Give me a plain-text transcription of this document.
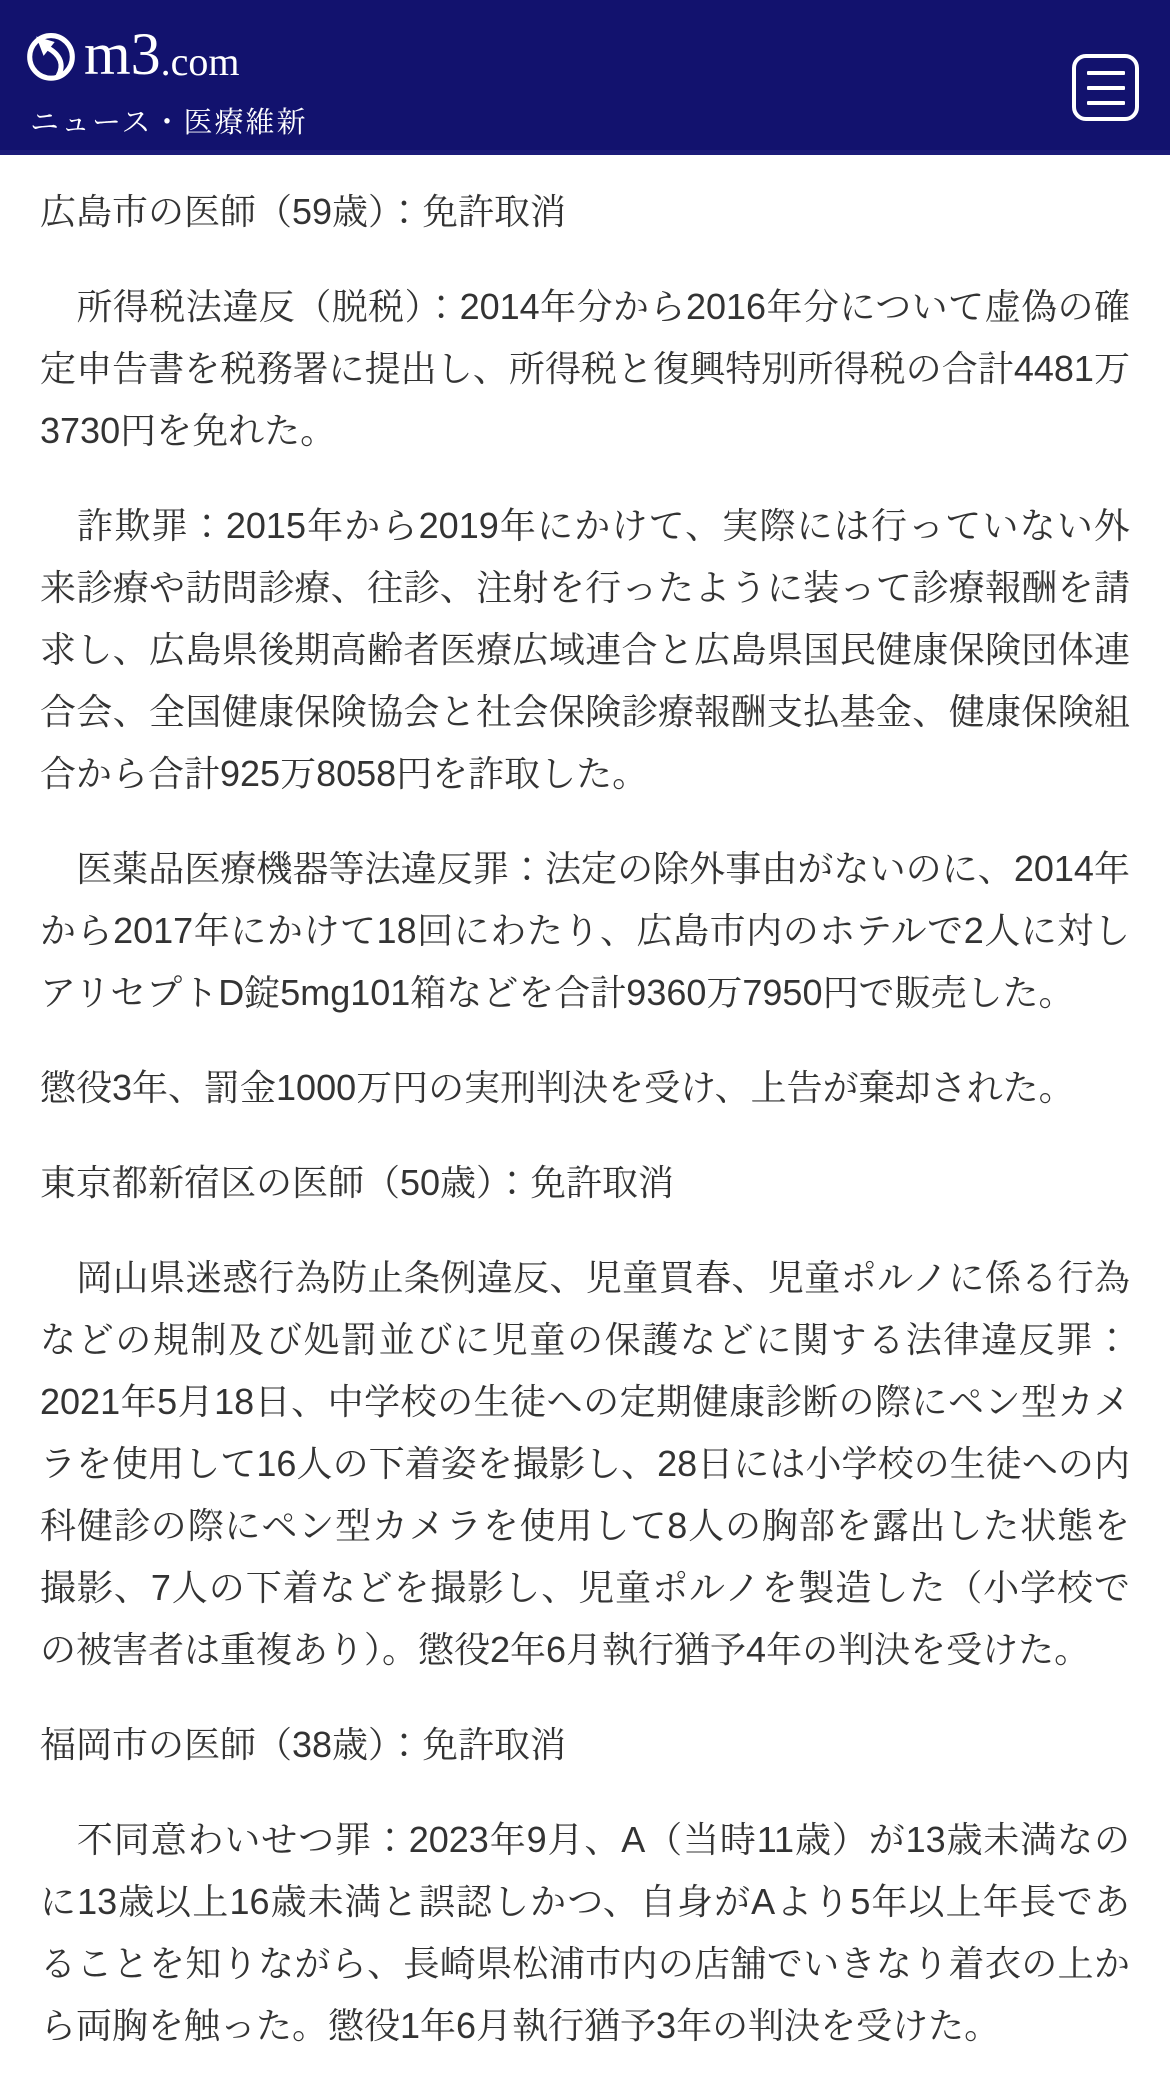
m3 .com
ニュース・医療維新

広島市の医師（59歳）：免許取消

　所得税法違反（脱税）：2014年分から2016年分について虚偽の確定申告書を税務署に提出し、所得税と復興特別所得税の合計4481万3730円を免れた。

　詐欺罪：2015年から2019年にかけて、実際には行っていない外来診療や訪問診療、往診、注射を行ったように装って診療報酬を請求し、広島県後期高齢者医療広域連合と広島県国民健康保険団体連合会、全国健康保険協会と社会保険診療報酬支払基金、健康保険組合から合計925万8058円を詐取した。

　医薬品医療機器等法違反罪：法定の除外事由がないのに、2014年から2017年にかけて18回にわたり、広島市内のホテルで2人に対しアリセプトD錠5mg101箱などを合計9360万7950円で販売した。

懲役3年、罰金1000万円の実刑判決を受け、上告が棄却された。

東京都新宿区の医師（50歳）：免許取消

　岡山県迷惑行為防止条例違反、児童買春、児童ポルノに係る行為などの規制及び処罰並びに児童の保護などに関する法律違反罪：2021年5月18日、中学校の生徒への定期健康診断の際にペン型カメラを使用して16人の下着姿を撮影し、28日には小学校の生徒への内科健診の際にペン型カメラを使用して8人の胸部を露出した状態を撮影、7人の下着などを撮影し、児童ポルノを製造した（小学校での被害者は重複あり）。懲役2年6月執行猶予4年の判決を受けた。

福岡市の医師（38歳）：免許取消

　不同意わいせつ罪：2023年9月、A（当時11歳）が13歳未満なのに13歳以上16歳未満と誤認しかつ、自身がAより5年以上年長であることを知りながら、長崎県松浦市内の店舗でいきなり着衣の上から両胸を触った。懲役1年6月執行猶予3年の判決を受けた。
